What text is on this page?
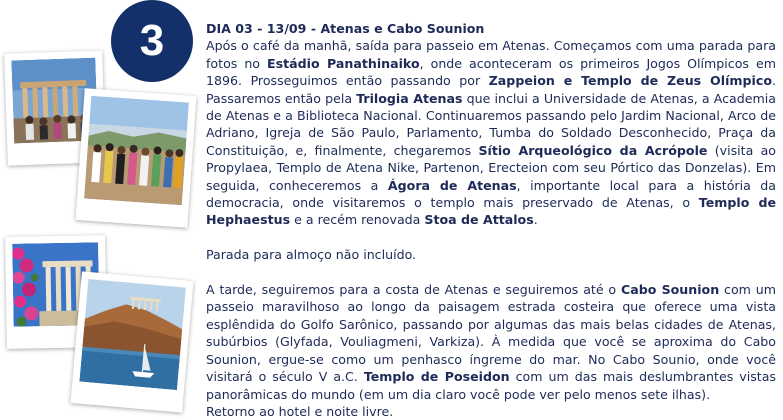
3	DIA 03 - 13/09 - Atenas e Cabo Sounion

Após o café da manhã, saída para passeio em Atenas. Começamos com uma parada para fotos no Estádio Panathinaiko, onde aconteceram os primeiros Jogos Olímpicos em 1896. Prosseguimos então passando por Zappeion e Templo de Zeus Olímpico. Passaremos então pela Trilogia Atenas que inclui a Universidade de Atenas, a Academia de Atenas e a Biblioteca Nacional. Continuaremos passando pelo Jardim Nacional, Arco de Adriano, Igreja de São Paulo, Parlamento, Tumba do Soldado Desconhecido, Praça da Constituição, e, finalmente, chegaremos Sítio Arqueológico da Acrópole (visita ao Propylaea, Templo de Atena Nike, Partenon, Erecteion com seu Pórtico das Donzelas). Em seguida, conheceremos a Ágora de Atenas, importante local para a história da democracia, onde visitaremos o templo mais preservado de Atenas, o Templo de Hephaestus e a recém renovada Stoa de Attalos.

Parada para almoço não incluído.

A tarde, seguiremos para a costa de Atenas e seguiremos até o Cabo Sounion com um passeio maravilhoso ao longo da paisagem estrada costeira que oferece uma vista esplêndida do Golfo Sarônico, passando por algumas das mais belas cidades de Atenas, subúrbios (Glyfada, Vouliagmeni, Varkiza). À medida que você se aproxima do Cabo Sounion, erguе-se como um penhasco íngreme do mar. No Cabo Sounio, onde você visitará o século V a.C. Templo de Poseidon com um das mais deslumbrantes vistas panorâmicas do mundo (em um dia claro você pode ver pelo menos sete ilhas).

Retorno ao hotel e noite livre.
